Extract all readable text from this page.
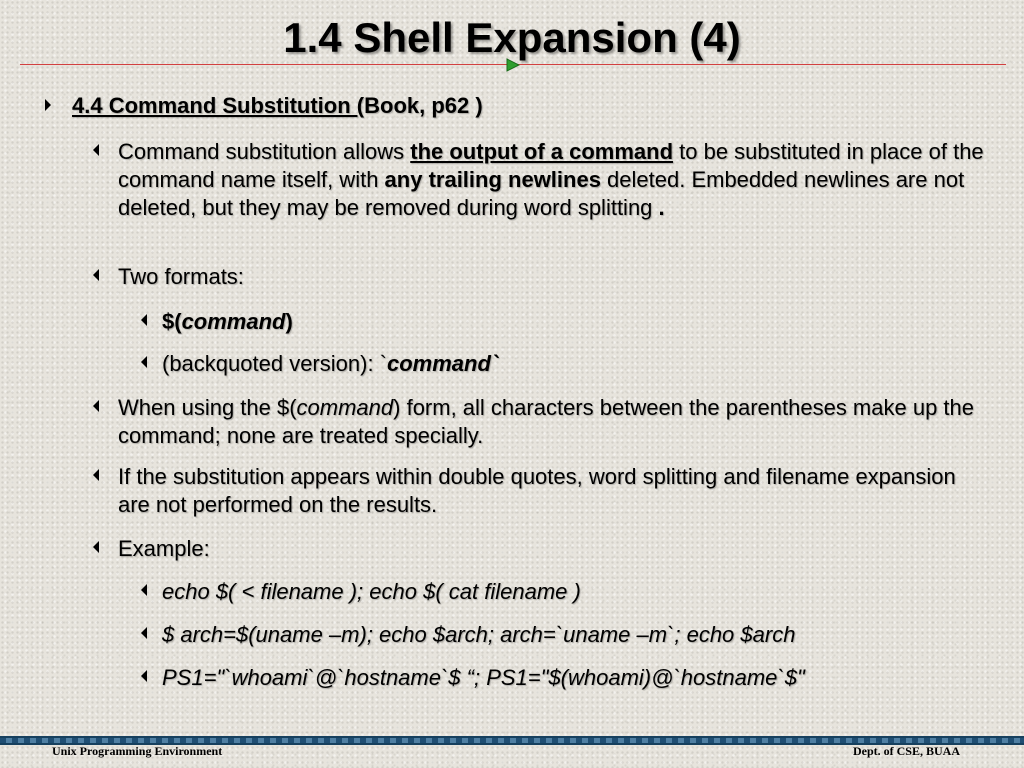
1.4 Shell Expansion (4)
4.4 Command Substitution (Book, p62 )
Command substitution allows the output of a command to be substituted in place of the command name itself, with any trailing newlines deleted. Embedded newlines are not deleted, but they may be removed during word splitting .
Two formats:
$(command)
(backquoted version): `command`
When using the $(command) form, all characters between the parentheses make up the command; none are treated specially.
If the substitution appears within double quotes, word splitting and filename expansion are not performed on the results.
Example:
echo $( < filename ); echo $( cat filename )
$ arch=$(uname –m); echo $arch; arch=`uname –m`; echo $arch
PS1="`whoami`@`hostname`$ “; PS1="$(whoami)@`hostname`$"
Unix Programming Environment	Dept. of CSE, BUAA
